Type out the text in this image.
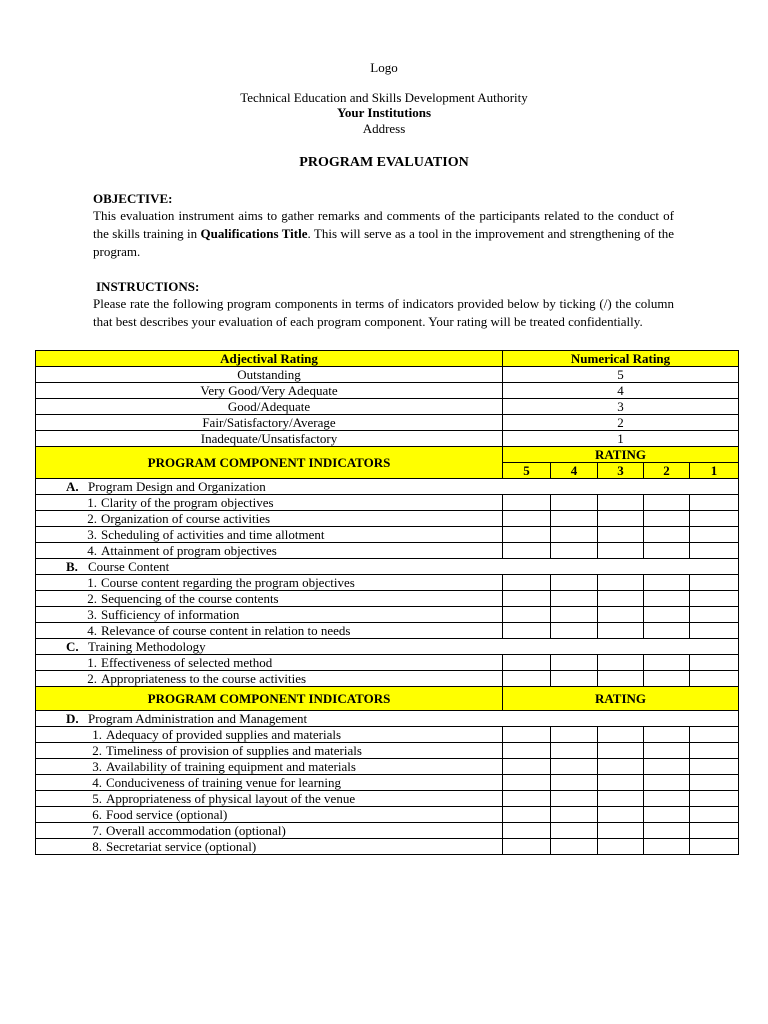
Logo
Technical Education and Skills Development Authority
Your Institutions
Address
PROGRAM EVALUATION
OBJECTIVE:
This evaluation instrument aims to gather remarks and comments of the participants related to the conduct of the skills training in Qualifications Title. This will serve as a tool in the improvement and strengthening of the program.
INSTRUCTIONS:
Please rate the following program components in terms of indicators provided below by ticking (/) the column that best describes your evaluation of each program component. Your rating will be treated confidentially.
Adjectival Rating	Numerical Rating				
Outstanding	5				
Very Good/Very Adequate	4				
Good/Adequate	3				
Fair/Satisfactory/Average	2				
Inadequate/Unsatisfactory	1				
PROGRAM COMPONENT INDICATORS	RATING				
	5	4	3	2	1
A. Program Design and Organization					
1. Clarity of the program objectives					
2. Organization of course activities					
3. Scheduling of activities and time allotment					
4. Attainment of program objectives					
B. Course Content					
1. Course content regarding the program objectives					
2. Sequencing of the course contents					
3. Sufficiency of information					
4. Relevance of course content in relation to needs					
C. Training Methodology					
1. Effectiveness of selected method					
2. Appropriateness to the course activities					
PROGRAM COMPONENT INDICATORS	RATING				
D. Program Administration and Management					
1. Adequacy of provided supplies and materials					
2. Timeliness of provision of supplies and materials					
3. Availability of training equipment and materials					
4. Conduciveness of training venue for learning					
5. Appropriateness of physical layout of the venue					
6. Food service (optional)					
7. Overall accommodation (optional)					
8. Secretariat service (optional)					
